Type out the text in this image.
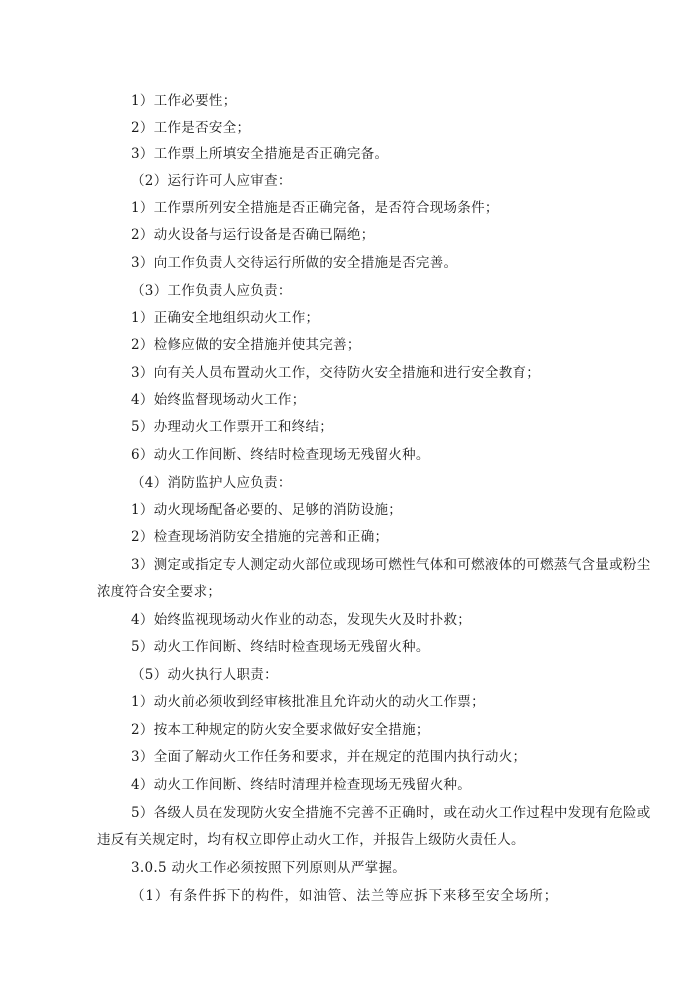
1）工作必要性；
2）工作是否安全；
3）工作票上所填安全措施是否正确完备。
（2）运行许可人应审查：
1）工作票所列安全措施是否正确完备，是否符合现场条件；
2）动火设备与运行设备是否确已隔绝；
3）向工作负责人交待运行所做的安全措施是否完善。
（3）工作负责人应负责：
1）正确安全地组织动火工作；
2）检修应做的安全措施并使其完善；
3）向有关人员布置动火工作，交待防火安全措施和进行安全教育；
4）始终监督现场动火工作；
5）办理动火工作票开工和终结；
6）动火工作间断、终结时检查现场无残留火种。
（4）消防监护人应负责：
1）动火现场配备必要的、足够的消防设施；
2）检查现场消防安全措施的完善和正确；
3）测定或指定专人测定动火部位或现场可燃性气体和可燃液体的可燃蒸气含量或粉尘
浓度符合安全要求；
4）始终监视现场动火作业的动态，发现失火及时扑救；
5）动火工作间断、终结时检查现场无残留火种。
（5）动火执行人职责：
1）动火前必须收到经审核批准且允许动火的动火工作票；
2）按本工种规定的防火安全要求做好安全措施；
3）全面了解动火工作任务和要求，并在规定的范围内执行动火；
4）动火工作间断、终结时清理并检查现场无残留火种。
5）各级人员在发现防火安全措施不完善不正确时，或在动火工作过程中发现有危险或
违反有关规定时，均有权立即停止动火工作，并报告上级防火责任人。
3.0.5 动火工作必须按照下列原则从严掌握。
（1）有条件拆下的构件，如油管、法兰等应拆下来移至安全场所；
